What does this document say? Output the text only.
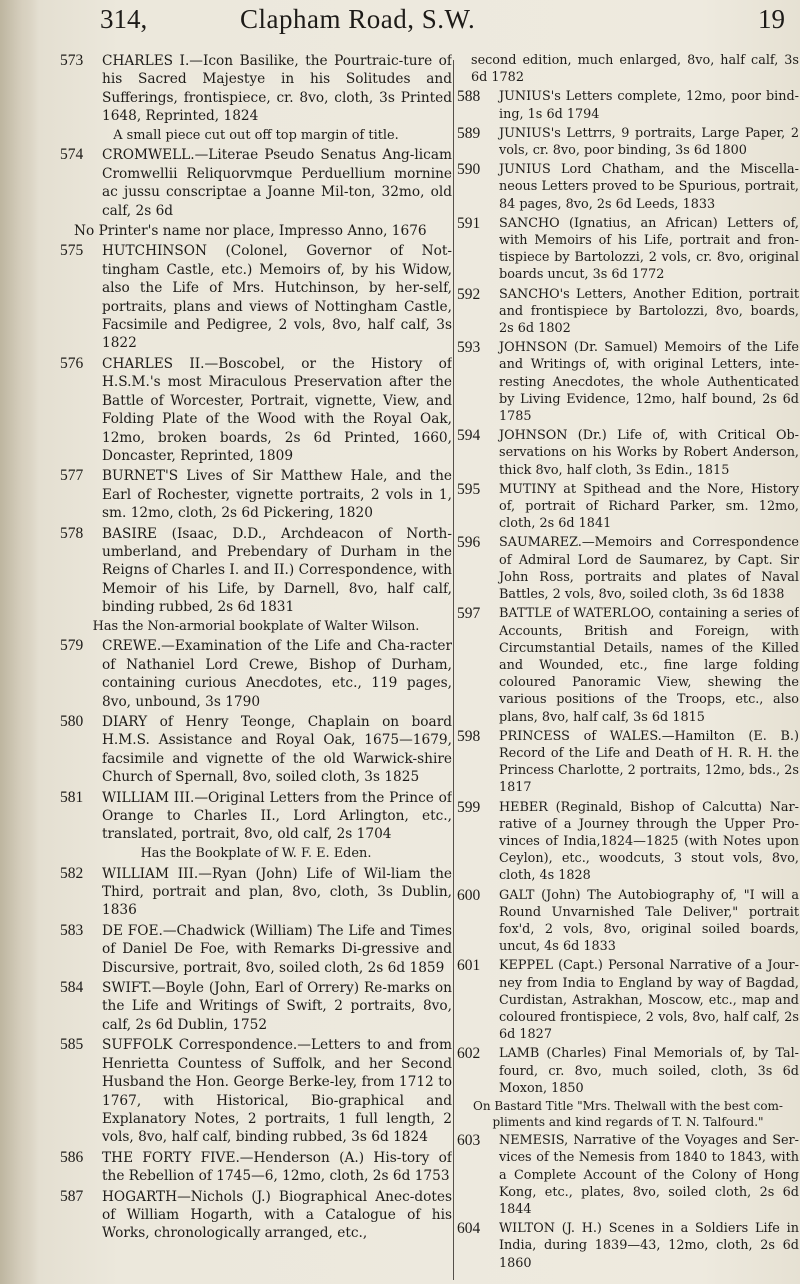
314,	Clapham Road, S.W.	19
573 CHARLES I.—Icon Basilike, the Pourtraic-ture of his Sacred Majestye in his Solitudes and Sufferings, frontispiece, cr. 8vo, cloth, 3s Printed 1648, Reprinted, 1824
A small piece cut out off top margin of title.
574 CROMWELL.—Literae Pseudo Senatus Ang-licam Cromwellii Reliquorvmque Perduellium mornine ac jussu conscriptae a Joanne Mil-ton, 32mo, old calf, 2s 6d
No Printer's name nor place, Impresso Anno, 1676
575 HUTCHINSON (Colonel, Governor of Not-tingham Castle, etc.) Memoirs of, by his Widow, also the Life of Mrs. Hutchinson, by her-self, portraits, plans and views of Nottingham Castle, Facsimile and Pedigree, 2 vols, 8vo, half calf, 3s 1822
576 CHARLES II.—Boscobel, or the History of H.S.M.'s most Miraculous Preservation after the Battle of Worcester, Portrait, vignette, View, and Folding Plate of the Wood with the Royal Oak, 12mo, broken boards, 2s 6d Printed, 1660, Doncaster, Reprinted, 1809
577 BURNET'S Lives of Sir Matthew Hale, and the Earl of Rochester, vignette portraits, 2 vols in 1, sm. 12mo, cloth, 2s 6d Pickering, 1820
578 BASIRE (Isaac, D.D., Archdeacon of North-umberland, and Prebendary of Durham in the Reigns of Charles I. and II.) Correspondence, with Memoir of his Life, by Darnell, 8vo, half calf, binding rubbed, 2s 6d 1831
Has the Non-armorial bookplate of Walter Wilson.
579 CREWE.—Examination of the Life and Cha-racter of Nathaniel Lord Crewe, Bishop of Durham, containing curious Anecdotes, etc., 119 pages, 8vo, unbound, 3s 1790
580 DIARY of Henry Teonge, Chaplain on board H.M.S. Assistance and Royal Oak, 1675—1679, facsimile and vignette of the old Warwick-shire Church of Spernall, 8vo, soiled cloth, 3s 1825
581 WILLIAM III.—Original Letters from the Prince of Orange to Charles II., Lord Arlington, etc., translated, portrait, 8vo, old calf, 2s 1704
Has the Bookplate of W. F. E. Eden.
582 WILLIAM III.—Ryan (John) Life of Wil-liam the Third, portrait and plan, 8vo, cloth, 3s Dublin, 1836
583 DE FOE.—Chadwick (William) The Life and Times of Daniel De Foe, with Remarks Di-gressive and Discursive, portrait, 8vo, soiled cloth, 2s 6d 1859
584 SWIFT.—Boyle (John, Earl of Orrery) Re-marks on the Life and Writings of Swift, 2 portraits, 8vo, calf, 2s 6d Dublin, 1752
585 SUFFOLK Correspondence.—Letters to and from Henrietta Countess of Suffolk, and her Second Husband the Hon. George Berke-ley, from 1712 to 1767, with Historical, Bio-graphical and Explanatory Notes, 2 portraits, 1 full length, 2 vols, 8vo, half calf, binding rubbed, 3s 6d 1824
586 THE FORTY FIVE.—Henderson (A.) His-tory of the Rebellion of 1745—6, 12mo, cloth, 2s 6d 1753
587 HOGARTH—Nichols (J.) Biographical Anec-dotes of William Hogarth, with a Catalogue of his Works, chronologically arranged, etc.,
second edition, much enlarged, 8vo, half calf, 3s 6d 1782
588 JUNIUS's Letters complete, 12mo, poor bind-ing, 1s 6d 1794
589 JUNIUS's Lettrrs, 9 portraits, Large Paper, 2 vols, cr. 8vo, poor binding, 3s 6d 1800
590 JUNIUS Lord Chatham, and the Miscella-neous Letters proved to be Spurious, portrait, 84 pages, 8vo, 2s 6d Leeds, 1833
591 SANCHO (Ignatius, an African) Letters of, with Memoirs of his Life, portrait and fron-tispiece by Bartolozzi, 2 vols, cr. 8vo, original boards uncut, 3s 6d 1772
592 SANCHO's Letters, Another Edition, portrait and frontispiece by Bartolozzi, 8vo, boards, 2s 6d 1802
593 JOHNSON (Dr. Samuel) Memoirs of the Life and Writings of, with original Letters, inte-resting Anecdotes, the whole Authenticated by Living Evidence, 12mo, half bound, 2s 6d 1785
594 JOHNSON (Dr.) Life of, with Critical Ob-servations on his Works by Robert Anderson, thick 8vo, half cloth, 3s Edin., 1815
595 MUTINY at Spithead and the Nore, History of, portrait of Richard Parker, sm. 12mo, cloth, 2s 6d 1841
596 SAUMAREZ.—Memoirs and Correspondence of Admiral Lord de Saumarez, by Capt. Sir John Ross, portraits and plates of Naval Battles, 2 vols, 8vo, soiled cloth, 3s 6d 1838
597 BATTLE of WATERLOO, containing a series of Accounts, British and Foreign, with Circumstantial Details, names of the Killed and Wounded, etc., fine large folding coloured Panoramic View, shewing the various positions of the Troops, etc., also plans, 8vo, half calf, 3s 6d 1815
598 PRINCESS of WALES.—Hamilton (E. B.) Record of the Life and Death of H. R. H. the Princess Charlotte, 2 portraits, 12mo, bds., 2s 1817
599 HEBER (Reginald, Bishop of Calcutta) Nar-rative of a Journey through the Upper Pro-vinces of India,1824—1825 (with Notes upon Ceylon), etc., woodcuts, 3 stout vols, 8vo, cloth, 4s 1828
600 GALT (John) The Autobiography of, "I will a Round Unvarnished Tale Deliver," portrait fox'd, 2 vols, 8vo, original soiled boards, uncut, 4s 6d 1833
601 KEPPEL (Capt.) Personal Narrative of a Jour-ney from India to England by way of Bagdad, Curdistan, Astrakhan, Moscow, etc., map and coloured frontispiece, 2 vols, 8vo, half calf, 2s 6d 1827
602 LAMB (Charles) Final Memorials of, by Tal-fourd, cr. 8vo, much soiled, cloth, 3s 6d Moxon, 1850
On Bastard Title "Mrs. Thelwall with the best com-pliments and kind regards of T. N. Talfourd."
603 NEMESIS, Narrative of the Voyages and Ser-vices of the Nemesis from 1840 to 1843, with a Complete Account of the Colony of Hong Kong, etc., plates, 8vo, soiled cloth, 2s 6d 1844
604 WILTON (J. H.) Scenes in a Soldiers Life in India, during 1839—43, 12mo, cloth, 2s 6d 1860
